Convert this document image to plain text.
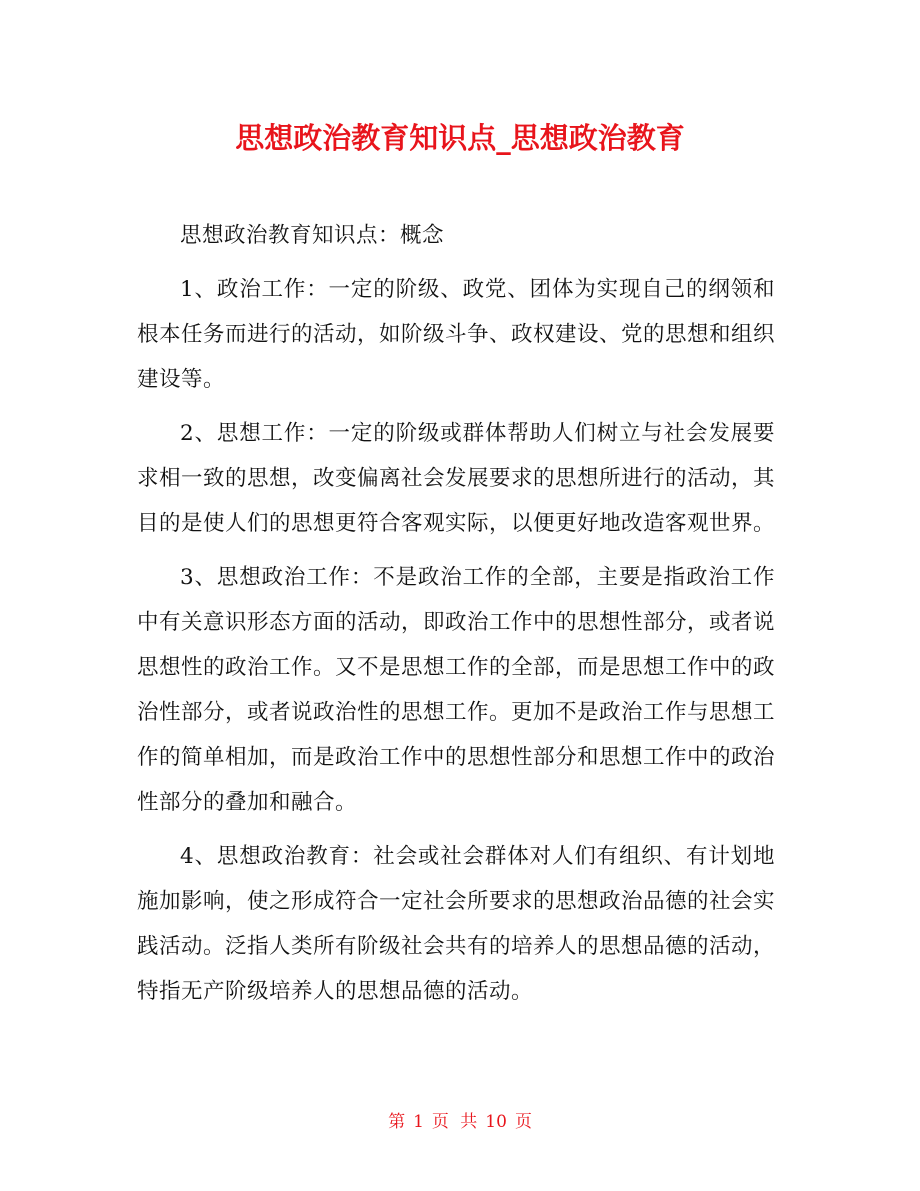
思想政治教育知识点_思想政治教育

思想政治教育知识点：概念

1、政治工作：一定的阶级、政党、团体为实现自己的纲领和根本任务而进行的活动，如阶级斗争、政权建设、党的思想和组织建设等。

2、思想工作：一定的阶级或群体帮助人们树立与社会发展要求相一致的思想，改变偏离社会发展要求的思想所进行的活动，其目的是使人们的思想更符合客观实际，以便更好地改造客观世界。

3、思想政治工作：不是政治工作的全部，主要是指政治工作中有关意识形态方面的活动，即政治工作中的思想性部分，或者说思想性的政治工作。又不是思想工作的全部，而是思想工作中的政治性部分，或者说政治性的思想工作。更加不是政治工作与思想工作的简单相加，而是政治工作中的思想性部分和思想工作中的政治性部分的叠加和融合。

4、思想政治教育：社会或社会群体对人们有组织、有计划地施加影响，使之形成符合一定社会所要求的思想政治品德的社会实践活动。泛指人类所有阶级社会共有的培养人的思想品德的活动，特指无产阶级培养人的思想品德的活动。

第 1 页 共 10 页
